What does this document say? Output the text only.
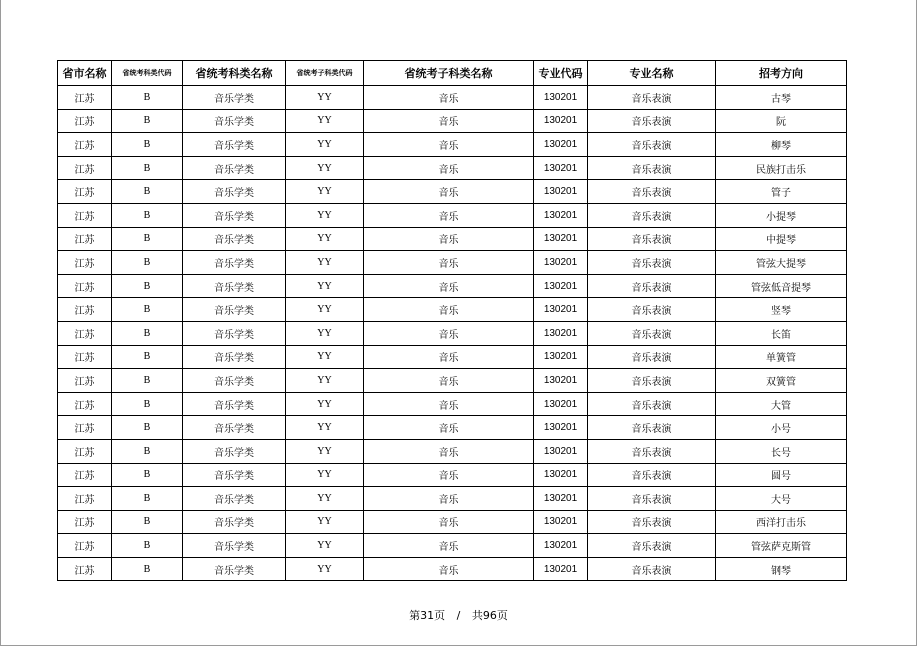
省市名称	省统考科类代码	省统考科类名称	省统考子科类代码	省统考子科类名称	专业代码	专业名称	招考方向
江苏	B	音乐学类	YY	音乐	130201	音乐表演	古琴
江苏	B	音乐学类	YY	音乐	130201	音乐表演	阮
江苏	B	音乐学类	YY	音乐	130201	音乐表演	柳琴
江苏	B	音乐学类	YY	音乐	130201	音乐表演	民族打击乐
江苏	B	音乐学类	YY	音乐	130201	音乐表演	管子
江苏	B	音乐学类	YY	音乐	130201	音乐表演	小提琴
江苏	B	音乐学类	YY	音乐	130201	音乐表演	中提琴
江苏	B	音乐学类	YY	音乐	130201	音乐表演	管弦大提琴
江苏	B	音乐学类	YY	音乐	130201	音乐表演	管弦低音提琴
江苏	B	音乐学类	YY	音乐	130201	音乐表演	竖琴
江苏	B	音乐学类	YY	音乐	130201	音乐表演	长笛
江苏	B	音乐学类	YY	音乐	130201	音乐表演	单簧管
江苏	B	音乐学类	YY	音乐	130201	音乐表演	双簧管
江苏	B	音乐学类	YY	音乐	130201	音乐表演	大管
江苏	B	音乐学类	YY	音乐	130201	音乐表演	小号
江苏	B	音乐学类	YY	音乐	130201	音乐表演	长号
江苏	B	音乐学类	YY	音乐	130201	音乐表演	圆号
江苏	B	音乐学类	YY	音乐	130201	音乐表演	大号
江苏	B	音乐学类	YY	音乐	130201	音乐表演	西洋打击乐
江苏	B	音乐学类	YY	音乐	130201	音乐表演	管弦萨克斯管
江苏	B	音乐学类	YY	音乐	130201	音乐表演	钢琴
第31页 / 共96页
